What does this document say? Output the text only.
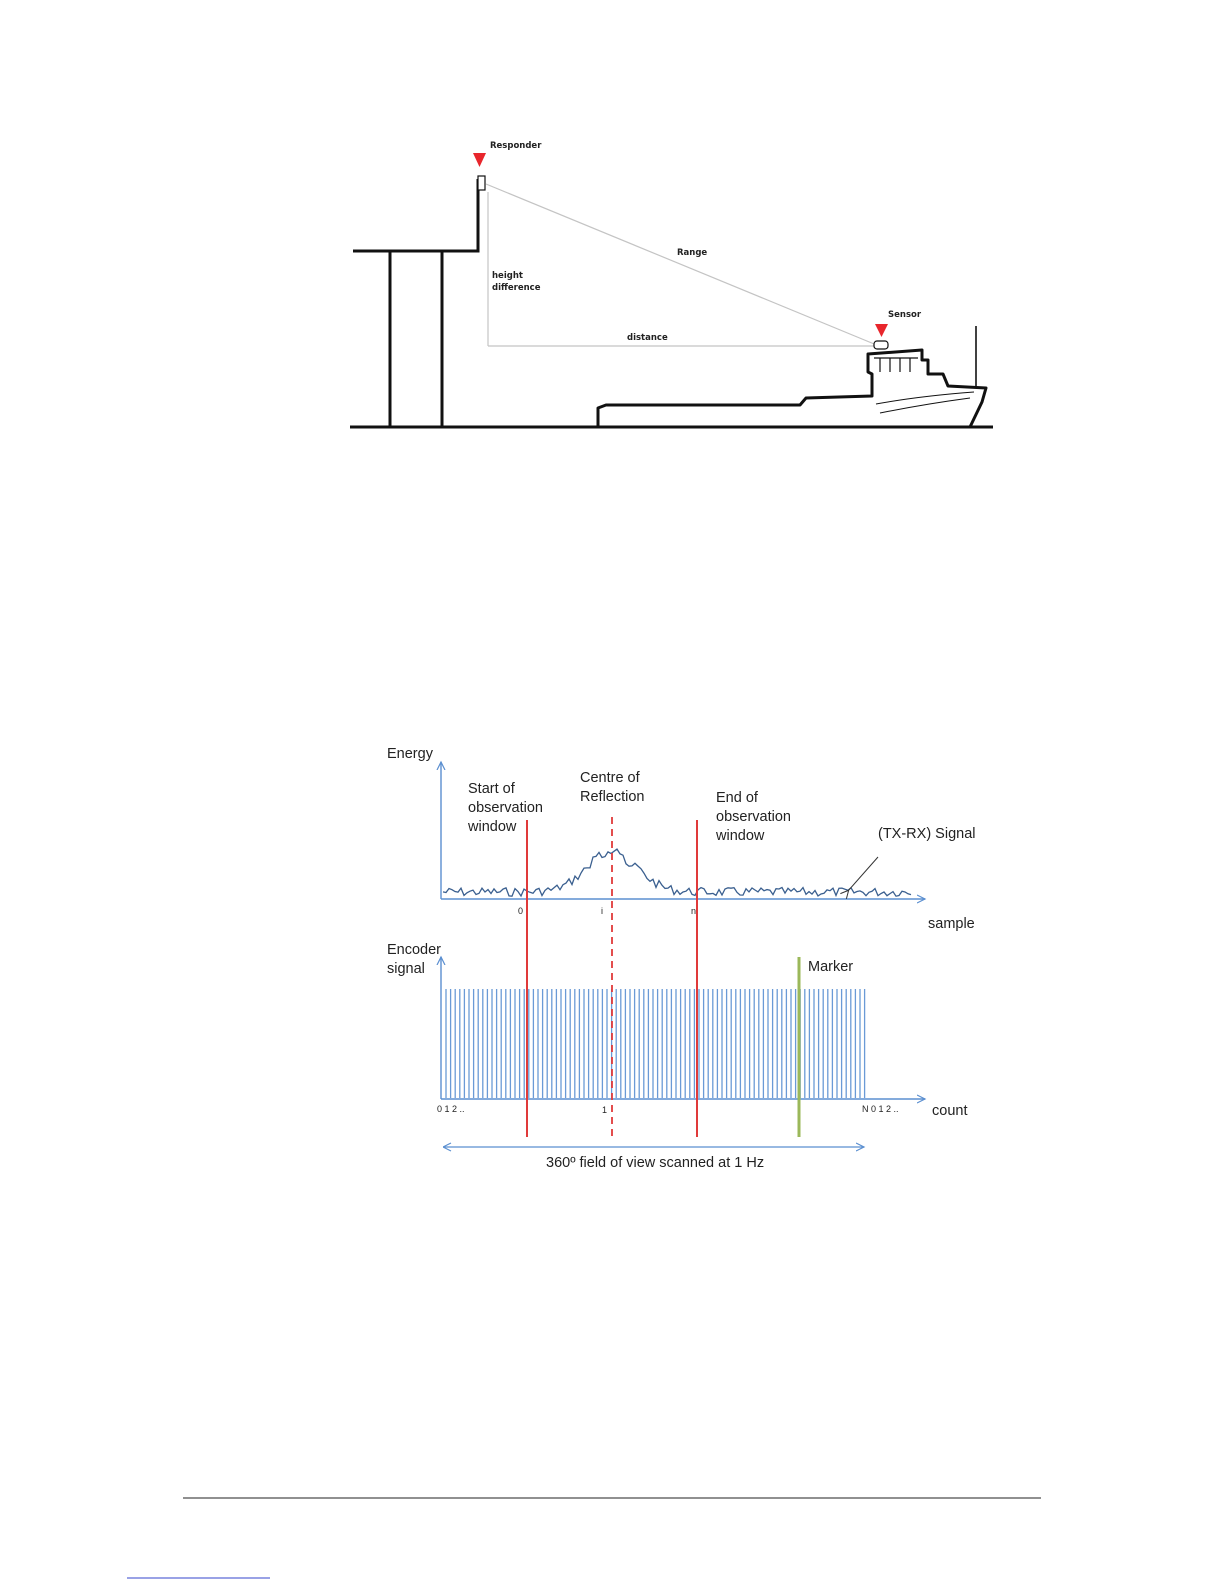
Responder
Range
height
difference
distance
Sensor
Energy
(TX-RX) Signal
sample
Start of
observation
window
Centre of
Reflection	End of
observation
window
0	i	n
Encoder
signal	Marker
0 1 2 ..	1	N 0 1 2 .. count
360º field of view scanned at 1 Hz
